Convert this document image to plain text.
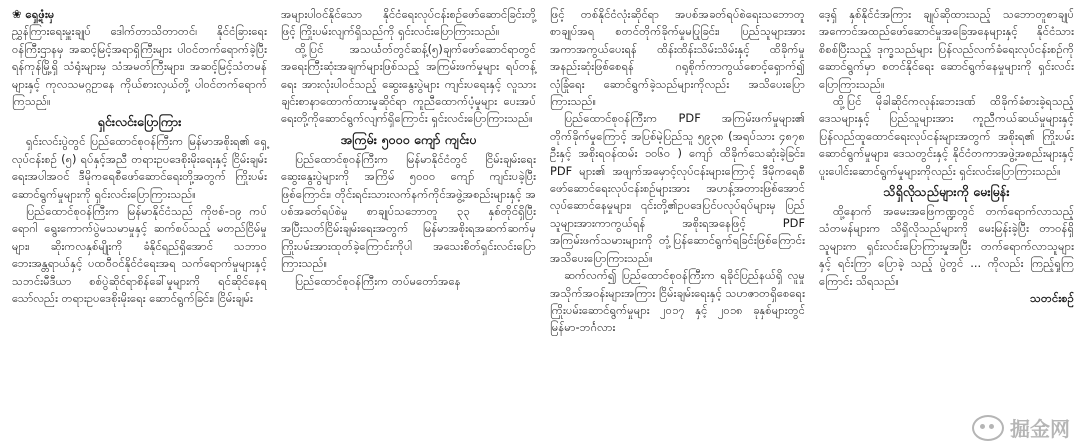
❀ ရှေ့ဖုံးမှ

ညွှန်ကြားရေးမှူးချုပ် ဒေါက်တာသိတာတင်၊ နိုင်ငံခြားရေးဝန်ကြီးဌာနမှ အဆင့်မြင့်အရာရှိကြီးများ ပါဝင်တက်ရောက်ခဲ့ပြီး ရန်ကုန်မြို့ရှိ သံရုံးများမှ သံအမတ်ကြီးများ၊ အဆင့်မြင့်သံတမန်များနှင့် ကုလသမဂ္ဂဥာနေ ကိုယ်စားလှယ်တို့ ပါဝင်တက်ရောက်ကြသည်။

ရှင်းလင်းပြောကြား

ရှင်းလင်းပွဲတွင် ပြည်ထောင်စုဝန်ကြီးက မြန်မာအစိုးရ၏ ရှေ့လုပ်ငန်းစဉ် (၅) ရပ်နှင့်အညီ တရားဥပဒေစိုးမိုးရေးနှင့် ငြိမ်းချမ်းရေးအပါအဝင် ဒီမိုကရေစီဖော်ဆောင်ရေးတို့အတွက် ကြိုးပမ်းဆောင်ရွက်မှုများကို ရှင်းလင်းပြောကြားသည်။

ပြည်ထောင်စုဝန်ကြီးက မြန်မာနိုင်ငံသည် ကိုဗစ်-၁၉ ကပ်ရောဂါ ရွေးကောက်ပွဲမသမာမှုနှင့် ဆက်စပ်သည့် မတည်ငြိမ်မှုများ၊ ဆိုးကလနှစ်မျိုးကို ခံနိုင်ရည်ရှိအောင် သဘာဝဘေးအန္တရာယ်နှင့် ပထဝီဝင်နိုင်ငံရေးအရ သက်ရောက်မှုများနှင့် သဘင်းမီဒီယာ စစ်ပွဲဆိုင်ရာစိန်ခေါ်မှုများကို ရင်ဆိုင်နေရသော်လည်း တရားဥပဒေစိုးမိုးရေး ဆောင်ရွက်ခြင်း၊ ငြိမ်းချမ်း

အများပါဝင်နိုင်သော နိုင်ငံရေးလုပ်ငန်းစဉ်ဖော်ဆောင်ခြင်းတို့ဖြင့် ကြိုးပမ်းလျက်ရှိသည်ကို ရှင်းလင်းပြောကြားသည်။

ထို့ပြင် အသင်္ယတ်တွင်ဆန့်(၅)ချက်ဖော်ဆောင်ရာတွင် အရေးကြီးဆုံးအချက်များဖြစ်သည့် အကြမ်းဖက်မှုများ ရပ်တန့်ရေး အားလုံးပါဝင်သည့် ဆွေးနွေးပွဲများ ကျင်းပရေးနှင့် လူသားချင်းစာနာထောက်ထားမှုဆိုင်ရာ ကူညီထောက်ပံ့မှုများ ပေးအပ်ရေးတို့ကိုဆောင်ရွက်လျက်ရှိကြောင်း ရှင်းလင်းပြောကြားသည်။

အကြမ်း ၅၀၀၀ ကျော် ကျင်းပ

ပြည်ထောင်စုဝန်ကြီးက မြန်မာနိုင်ငံတွင် ငြိမ်းချမ်းရေးဆွေးနွေးပွဲများကို အကြိမ် ၅၀၀၀ ကျော် ကျင်းပခဲ့ပြီးဖြစ်ကြောင်း၊ တိုင်းရင်းသားလက်နက်ကိုင်အဖွဲ့အစည်းများနှင့် အပစ်အခတ်ရပ်စဲမှု စာချုပ်သဘောတူ ၃၃ နှစ်တိုင်ရှိပြီး အပြီးသတ်ငြိမ်းချမ်းရေးအတွက် မြန်မာအစိုးရအဆက်ဆက်မှ ကြိုးပမ်းအားထုတ်ခဲ့ကြောင်းကိုပါ အသေးစိတ်ရှင်းလင်းပြောကြားသည်။

ပြည်ထောင်စုဝန်ကြီးက တပ်မတော်အနေ

ဖြင့် တစ်နိုင်ငံလုံးဆိုင်ရာ အပစ်အခတ်ရပ်စဲရေးသဘောတူစာချုပ်အရ စတင်တိုက်ခိုက်မှုမပြုခြင်း၊ ပြည်သူများအား အကာအကွယ်ပေးရန် ထိန်းထိန်းသိမ်းသိမ်းနှင့် ထိခိုက်မှုအနည်းဆုံးဖြစ်စေရန် ဂရုစိုက်ကာကွယ်စောင့်ရှောက်၍ လုံခြုံရေး ဆောင်ရွက်ခဲ့သည်များကိုလည်း အသိပေးပြောကြားသည်။

ပြည်ထောင်စုဝန်ကြီးက PDF အကြမ်းဖက်မှုများ၏ တိုက်ခိုက်မှုကြောင့် အပြစ်မဲ့ပြည်သူ ၅၉၃၈ (အရပ်သား ၄၈၇၈ ဦးနှင့် အစိုးရဝန်ထမ်း ၁၀၆၀ ) ကျော် ထိခိုက်သေဆုံးခဲ့ခြင်း၊ PDF များ၏ အဖျက်အမှောင့်လုပ်ငန်းများကြောင့် ဒီမိုကရေစီဖော်ဆောင်ရေးလုပ်ငန်းစဉ်များအား အဟန့်အတားဖြစ်အောင် လုပ်ဆောင်နေမှုများ၊ ၎င်းတို့၏ဥပဒေပြင်ပလုပ်ရပ်များမှ ပြည်သူများအားကာကွယ်ရန် အစိုးရအနေဖြင့် PDF အကြမ်းဖက်သမားများကို တုံ့ပြန်ဆောင်ရွက်ရခြင်းဖြစ်ကြောင်း အသိပေးပြောကြားသည်။

ဆက်လက်၍ ပြည်ထောင်စုဝန်ကြီးက ရခိုင်ပြည်နယ်ရှိ လူမှုအသိုက်အဝန်းများအကြား ငြိမ်းချမ်းရေးနှင့် သဟဇာတရှိစေရေး ကြိုးပမ်းဆောင်ရွက်မှုများ ၂၀၁၇ နှင့် ၂၀၁၈ ခုနှစ်များတွင် မြန်မာ-ဘင်္ဂလား

ဒေ့ရှ် နှစ်နိုင်ငံအကြား ချုပ်ဆိုထားသည့် သဘောတူစာချုပ်အကောင်အထည်ဖော်ဆောင်မှုအခြေအနေများနှင့် နိုင်ငံသားစိစစ်ပြီးသည့် ဒုက္ခသည်များ ပြန်လည်လက်ခံရေးလုပ်ငန်းစဉ်ကို ဆောင်ရွက်မှာ စတင်နိုင်ရေး ဆောင်ရွက်နေမှုများကို ရှင်းလင်းပြောကြားသည်။

ထို့ပြင် မိုခါဆိုင်ကလုန်းဘေးဒဏ် ထိခိုက်ခံစားခဲ့ရသည့် ဒေသများနှင့် ပြည်သူများအား ကူညီကယ်ဆယ်မှုများနှင့် ပြန်လည်ထူထောင်ရေးလုပ်ငန်းများအတွက် အစိုးရ၏ ကြိုးပမ်းဆောင်ရွက်မှုများ၊ ဒေသတွင်းနှင့် နိုင်ငံတကာအဖွဲ့အစည်းများနှင့် ပူးပေါင်းဆောင်ရွက်မှုများကိုလည်း ရှင်းလင်းပြောကြားသည်။

သိရှိလိုသည်များကို မေးမြန်း

ထို့နောက် အမေးအဖြေကဏ္ဍတွင် တက်ရောက်လာသည့် သံတမန်များက သိရှိလိုသည်များကို မေးမြန်းခဲ့ပြီး တာဝန်ရှိသူများက ရှင်းလင်းပြောကြားမှုအပြီး တက်ရောက်လာသူများ နှင့် ရင်းကြာ ပြောခဲ့ သည့် ပွဲတွင် ... ကိုလည်း ကြည့်ရှုကြကြောင်း သိရသည်။

သတင်းစဉ်

掘金网
